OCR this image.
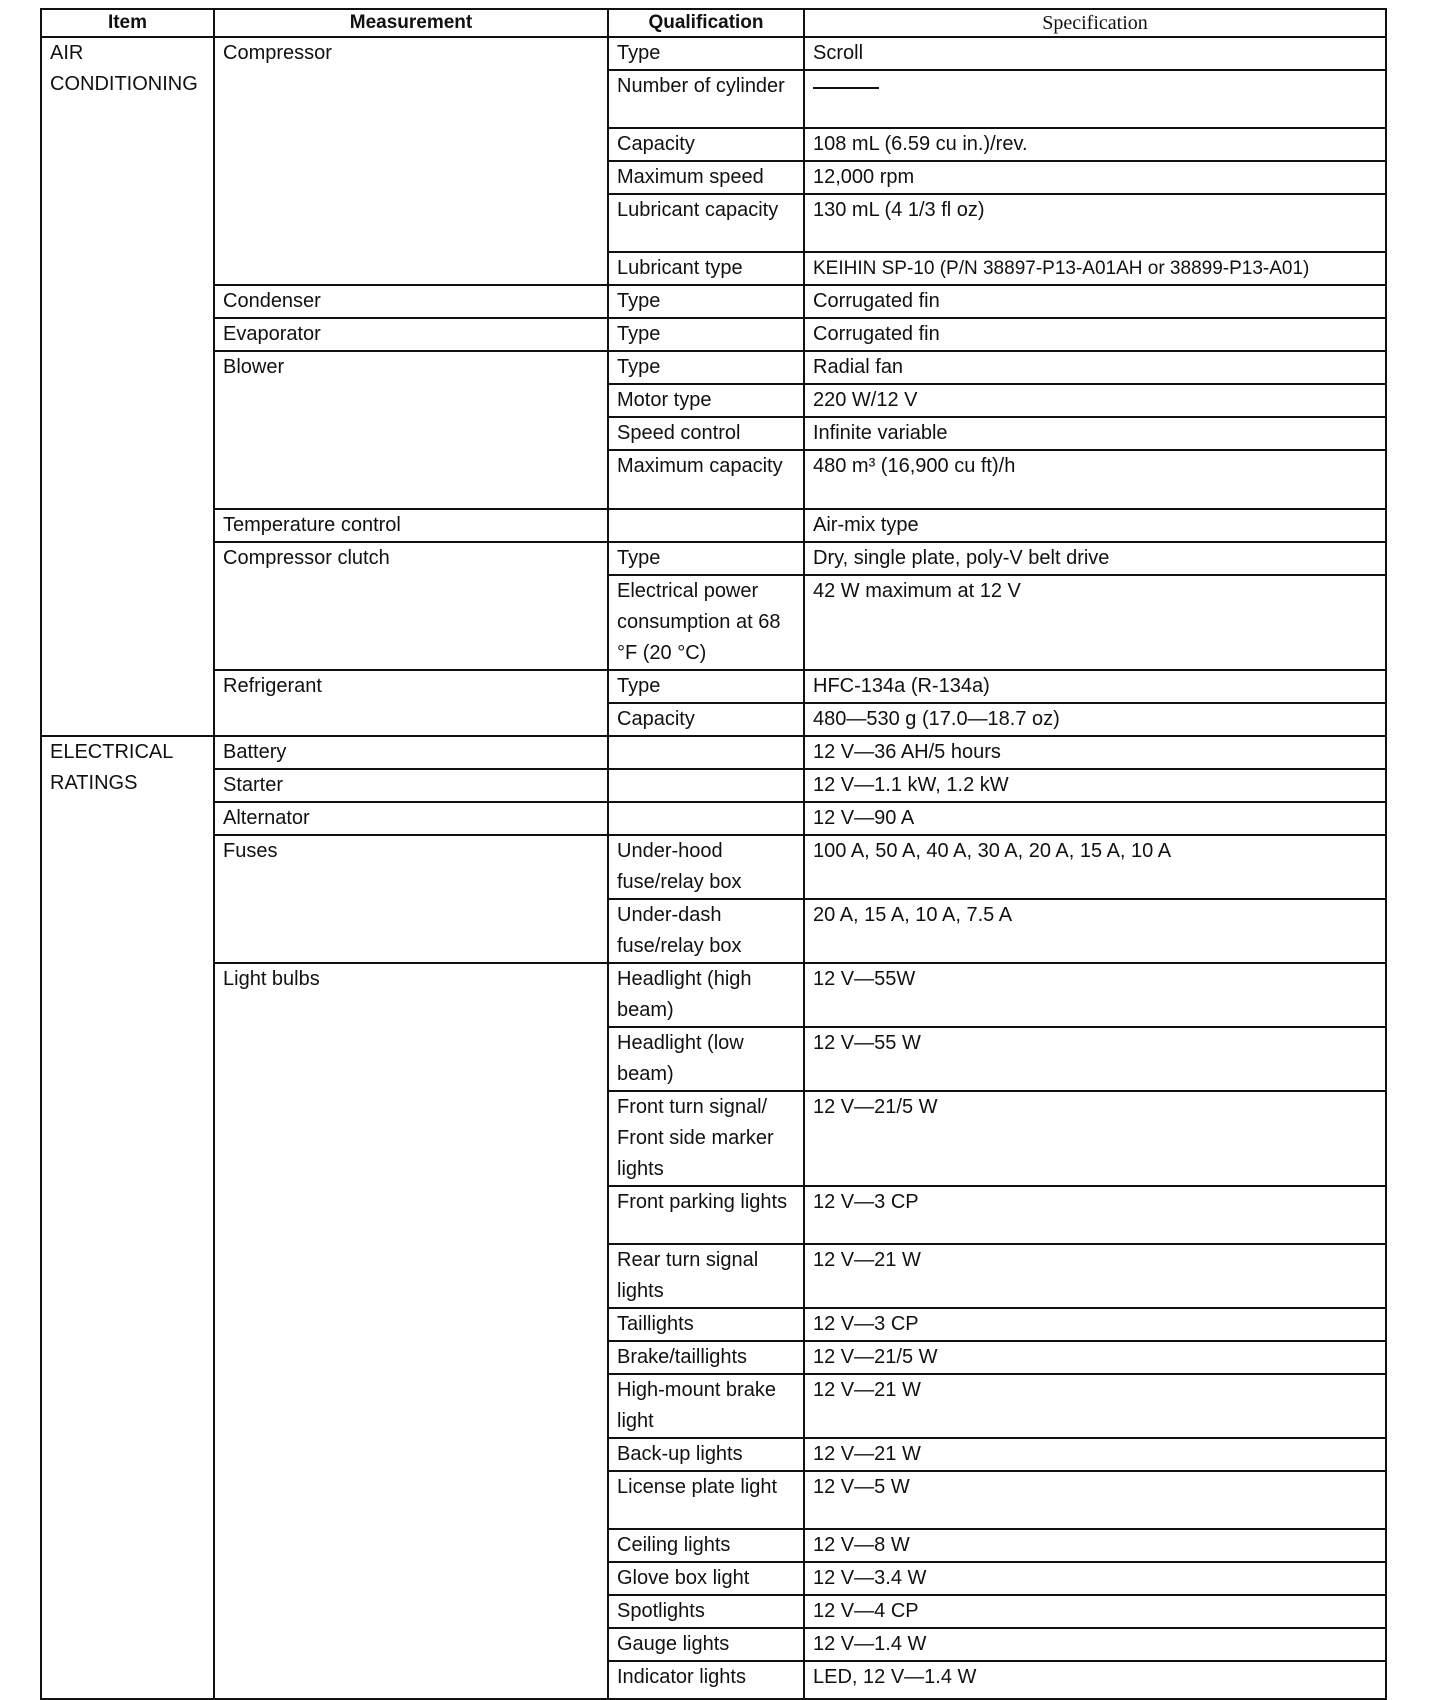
Item	Measurement	Qualification	Specification
AIR
CONDITIONING	Compressor	Type	Scroll
		Number of cylinder	
		Capacity	108 mL (6.59 cu in.)/rev.
		Maximum speed	12,000 rpm
		Lubricant capacity	130 mL (4 1/3 fl oz)
		Lubricant type	KEIHIN SP-10 (P/N 38897-P13-A01AH or 38899-P13-A01)
	Condenser	Type	Corrugated fin
	Evaporator	Type	Corrugated fin
	Blower	Type	Radial fan
		Motor type	220 W/12 V
		Speed control	Infinite variable
		Maximum capacity	480 m³ (16,900 cu ft)/h
	Temperature control		Air-mix type
	Compressor clutch	Type	Dry, single plate, poly-V belt drive
		Electrical power consumption at 68 °F (20 °C)	42 W maximum at 12 V
	Refrigerant	Type	HFC-134a (R-134a)
		Capacity	480—530 g (17.0—18.7 oz)
ELECTRICAL
RATINGS	Battery		12 V—36 AH/5 hours
	Starter		12 V—1.1 kW, 1.2 kW
	Alternator		12 V—90 A
	Fuses	Under-hood fuse/relay box	100 A, 50 A, 40 A, 30 A, 20 A, 15 A, 10 A
		Under-dash fuse/relay box	20 A, 15 A, 10 A, 7.5 A
	Light bulbs	Headlight (high beam)	12 V—55W
		Headlight (low beam)	12 V—55 W
		Front turn signal/ Front side marker lights	12 V—21/5 W
		Front parking lights	12 V—3 CP
		Rear turn signal lights	12 V—21 W
		Taillights	12 V—3 CP
		Brake/taillights	12 V—21/5 W
		High-mount brake light	12 V—21 W
		Back-up lights	12 V—21 W
		License plate light	12 V—5 W
		Ceiling lights	12 V—8 W
		Glove box light	12 V—3.4 W
		Spotlights	12 V—4 CP
		Gauge lights	12 V—1.4 W
		Indicator lights	LED, 12 V—1.4 W
